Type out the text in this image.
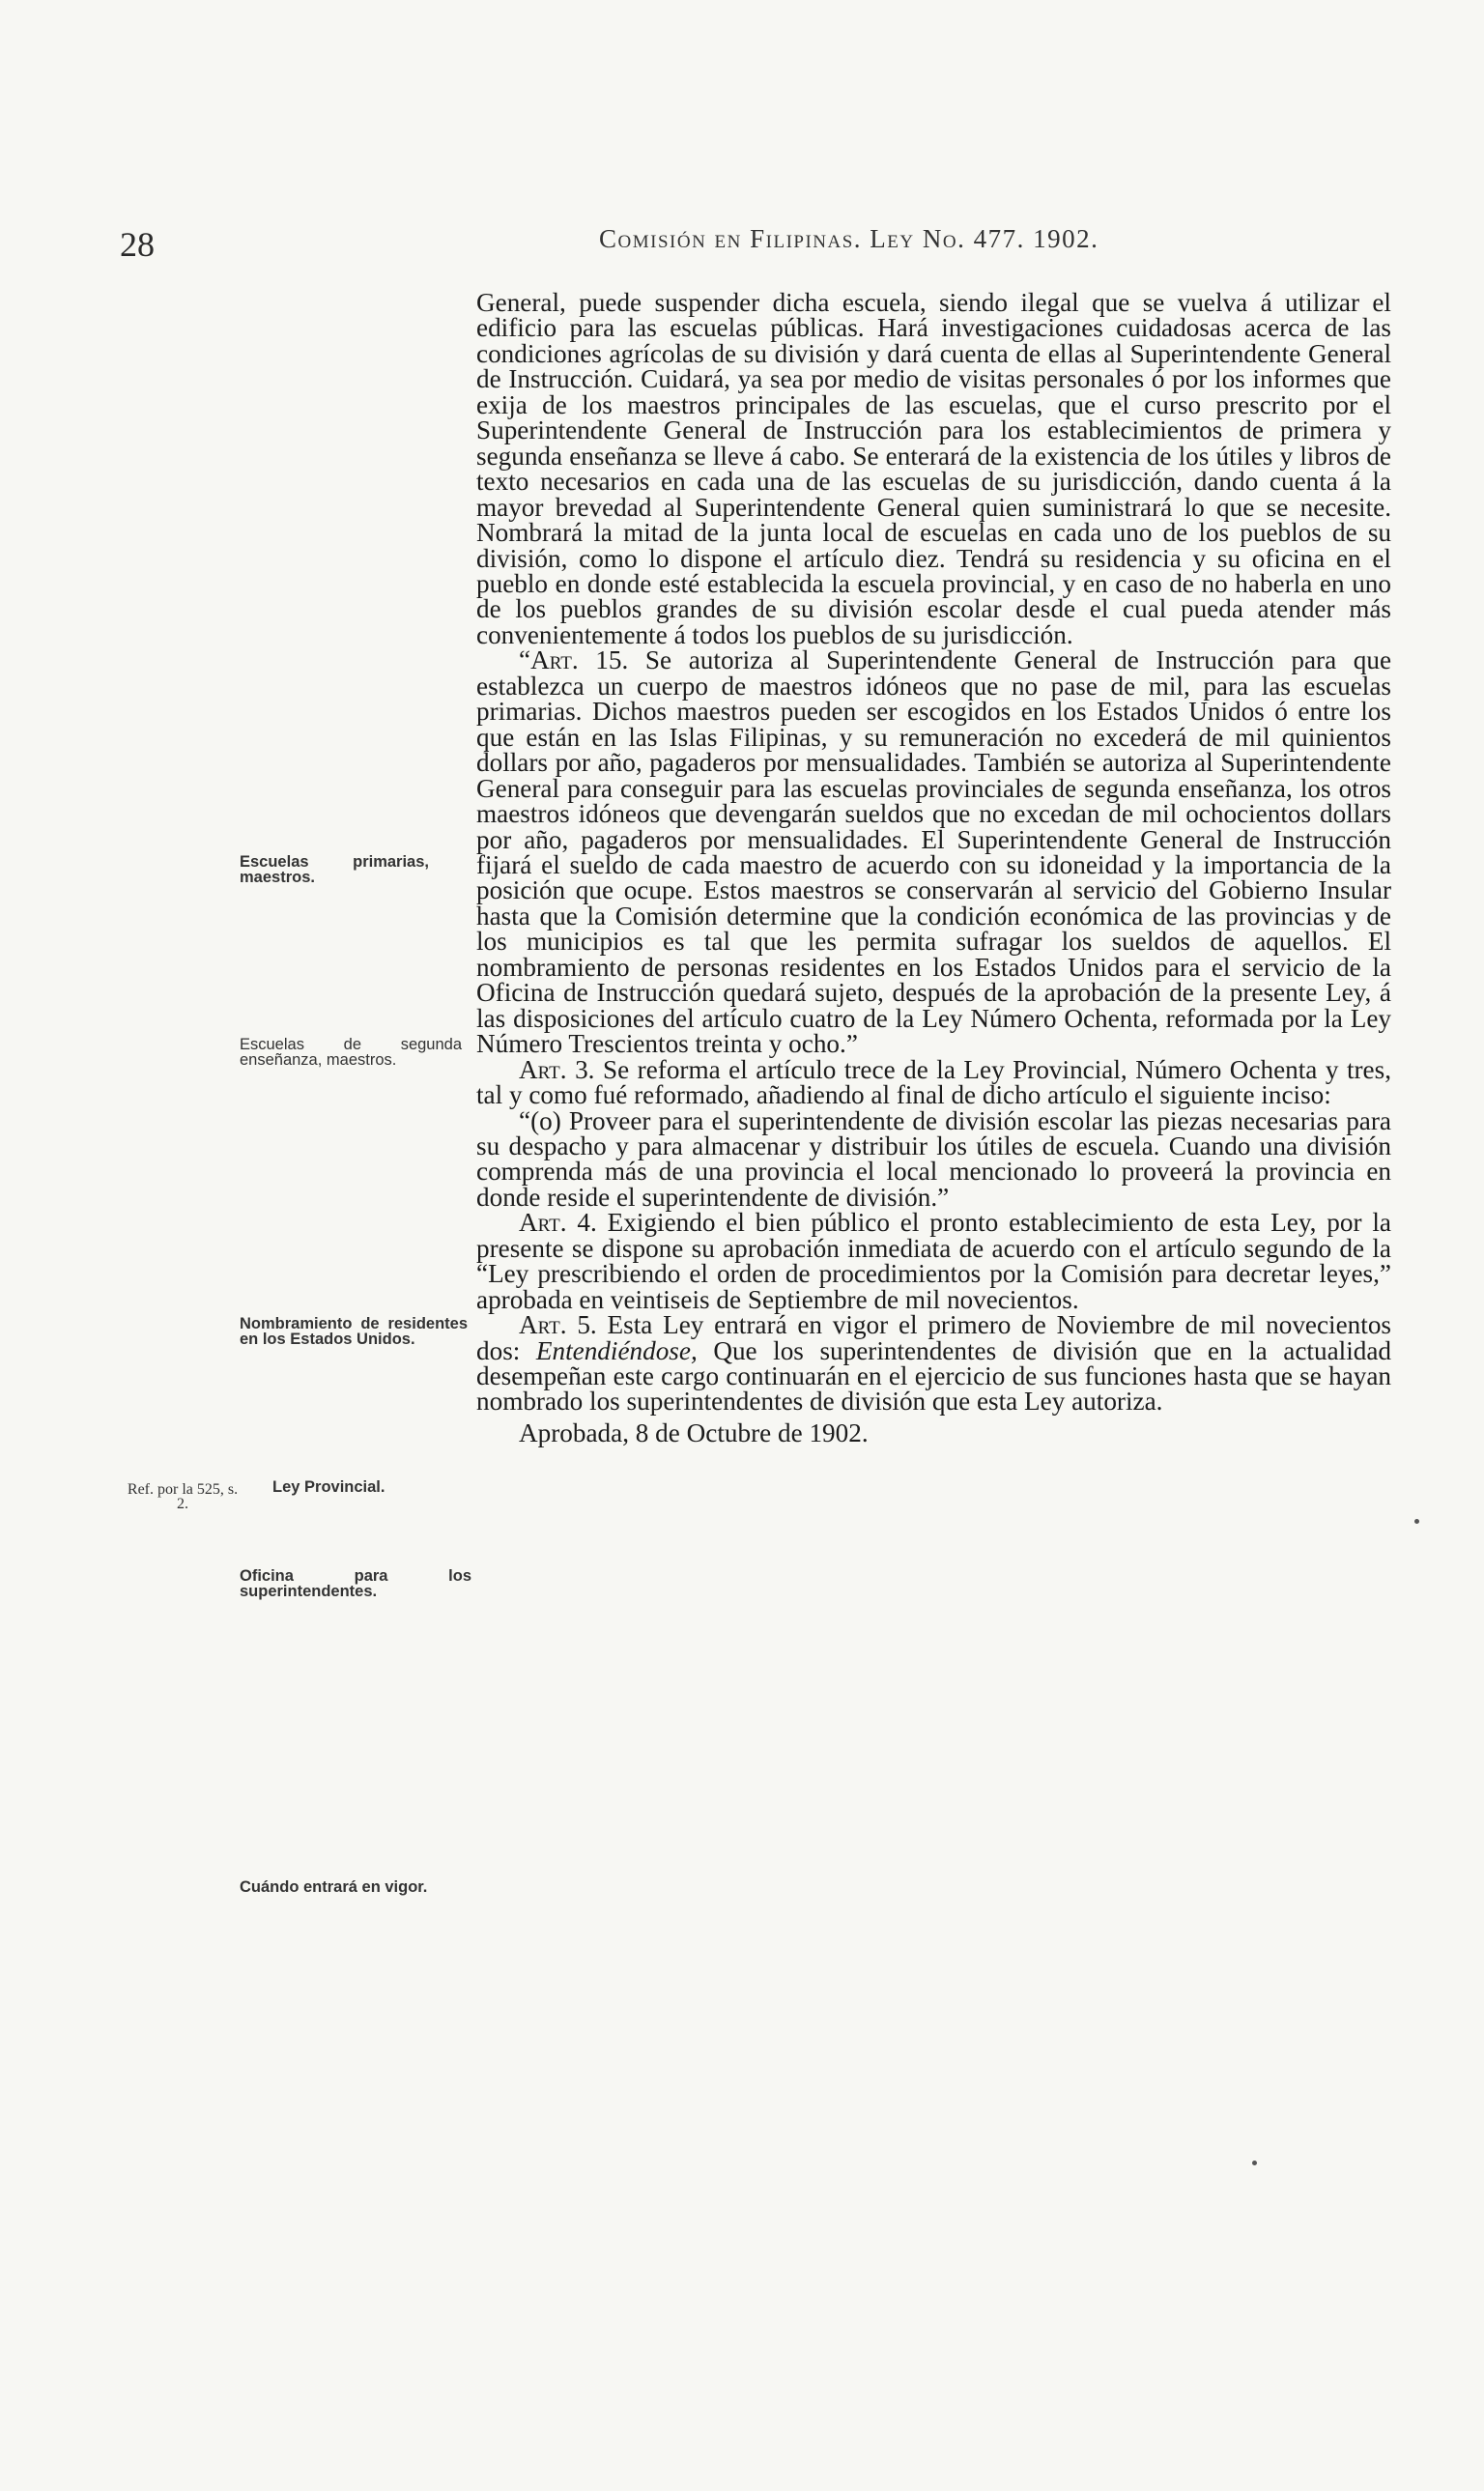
28	Comisión en Filipinas. Ley No. 477. 1902.
Escuelas primarias, maestros.
Escuelas de segunda enseñanza, maestros.
Nombramiento de residentes en los Estados Unidos.
Ref. por la 525, s. 2.
Ley Provincial.
Oficina para los superintendentes.
Cuándo entrará en vigor.

General, puede suspender dicha escuela, siendo ilegal que se vuelva á utilizar el edificio para las escuelas públicas. Hará investigaciones cuidadosas acerca de las condiciones agrícolas de su división y dará cuenta de ellas al Superintendente General de Instrucción. Cuidará, ya sea por medio de visitas personales ó por los informes que exija de los maestros principales de las escuelas, que el curso prescrito por el Superintendente General de Instrucción para los establecimientos de primera y segunda enseñanza se lleve á cabo. Se enterará de la existencia de los útiles y libros de texto necesarios en cada una de las escuelas de su jurisdicción, dando cuenta á la mayor brevedad al Superintendente General quien suministrará lo que se necesite. Nombrará la mitad de la junta local de escuelas en cada uno de los pueblos de su división, como lo dispone el artículo diez. Tendrá su residencia y su oficina en el pueblo en donde esté establecida la escuela provincial, y en caso de no haberla en uno de los pueblos grandes de su división escolar desde el cual pueda atender más convenientemente á todos los pueblos de su jurisdicción.

“Art. 15. Se autoriza al Superintendente General de Instrucción para que establezca un cuerpo de maestros idóneos que no pase de mil, para las escuelas primarias. Dichos maestros pueden ser escogidos en los Estados Unidos ó entre los que están en las Islas Filipinas, y su remuneración no excederá de mil quinientos dollars por año, pagaderos por mensualidades. También se autoriza al Superintendente General para conseguir para las escuelas provinciales de segunda enseñanza, los otros maestros idóneos que devengarán sueldos que no excedan de mil ochocientos dollars por año, pagaderos por mensualidades. El Superintendente General de Instrucción fijará el sueldo de cada maestro de acuerdo con su idoneidad y la importancia de la posición que ocupe. Estos maestros se conservarán al servicio del Gobierno Insular hasta que la Comisión determine que la condición económica de las provincias y de los municipios es tal que les permita sufragar los sueldos de aquellos. El nombramiento de personas residentes en los Estados Unidos para el servicio de la Oficina de Instrucción quedará sujeto, después de la aprobación de la presente Ley, á las disposiciones del artículo cuatro de la Ley Número Ochenta, reformada por la Ley Número Trescientos treinta y ocho.”

Art. 3. Se reforma el artículo trece de la Ley Provincial, Número Ochenta y tres, tal y como fué reformado, añadiendo al final de dicho artículo el siguiente inciso:

“(o) Proveer para el superintendente de división escolar las piezas necesarias para su despacho y para almacenar y distribuir los útiles de escuela. Cuando una división comprenda más de una provincia el local mencionado lo proveerá la provincia en donde reside el superintendente de división.”

Art. 4. Exigiendo el bien público el pronto establecimiento de esta Ley, por la presente se dispone su aprobación inmediata de acuerdo con el artículo segundo de la “Ley prescribiendo el orden de procedimientos por la Comisión para decretar leyes,” aprobada en veintiseis de Septiembre de mil novecientos.

Art. 5. Esta Ley entrará en vigor el primero de Noviembre de mil novecientos dos: Entendiéndose, Que los superintendentes de división que en la actualidad desempeñan este cargo continuarán en el ejercicio de sus funciones hasta que se hayan nombrado los superintendentes de división que esta Ley autoriza.

Aprobada, 8 de Octubre de 1902.
